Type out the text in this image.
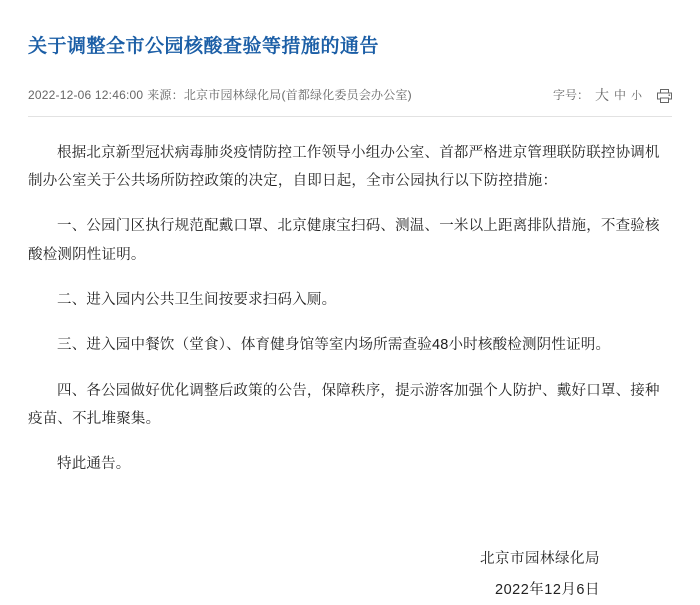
关于调整全市公园核酸查验等措施的通告
2022-12-06 12:46:00 来源：北京市园林绿化局(首都绿化委员会办公室)	字号： 大 中 小

根据北京新型冠状病毒肺炎疫情防控工作领导小组办公室、首都严格进京管理联防联控协调机制办公室关于公共场所防控政策的决定，自即日起，全市公园执行以下防控措施：

一、公园门区执行规范配戴口罩、北京健康宝扫码、测温、一米以上距离排队措施，不查验核酸检测阴性证明。

二、进入园内公共卫生间按要求扫码入厕。

三、进入园中餐饮（堂食）、体育健身馆等室内场所需查验48小时核酸检测阴性证明。

四、各公园做好优化调整后政策的公告，保障秩序，提示游客加强个人防护、戴好口罩、接种疫苗、不扎堆聚集。

特此通告。

北京市园林绿化局
2022年12月6日
